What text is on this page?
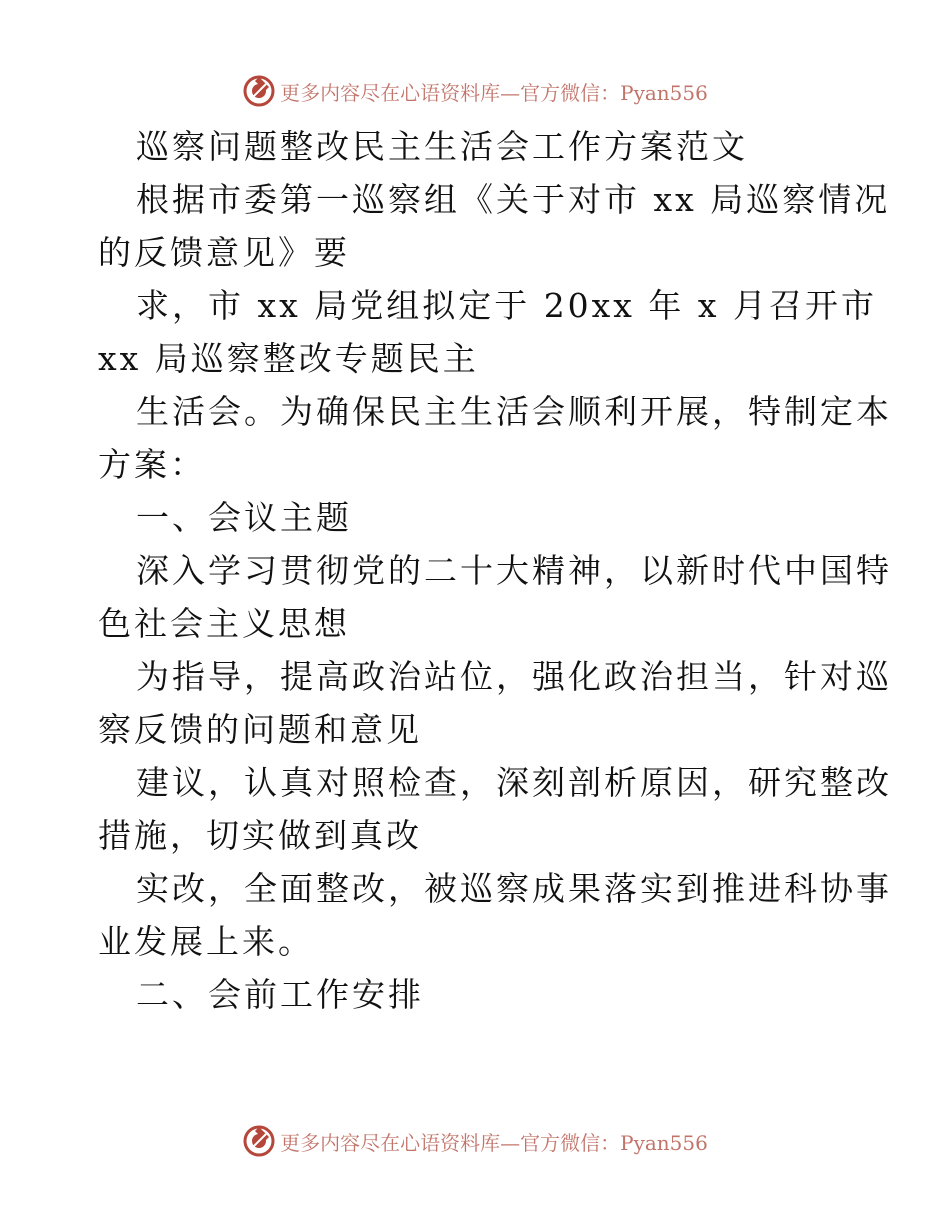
更多内容尽在心语资料库—官方微信：Pyan556
巡察问题整改民主生活会工作方案范文
根据市委第一巡察组《关于对市 xx 局巡察情况
的反馈意见》要
求，市 xx 局党组拟定于 20xx 年 x 月召开市
xx 局巡察整改专题民主
生活会。为确保民主生活会顺利开展，特制定本
方案：
一、会议主题
深入学习贯彻党的二十大精神，以新时代中国特
色社会主义思想
为指导，提高政治站位，强化政治担当，针对巡
察反馈的问题和意见
建议，认真对照检查，深刻剖析原因，研究整改
措施，切实做到真改
实改，全面整改，被巡察成果落实到推进科协事
业发展上来。
二、会前工作安排
更多内容尽在心语资料库—官方微信：Pyan556
